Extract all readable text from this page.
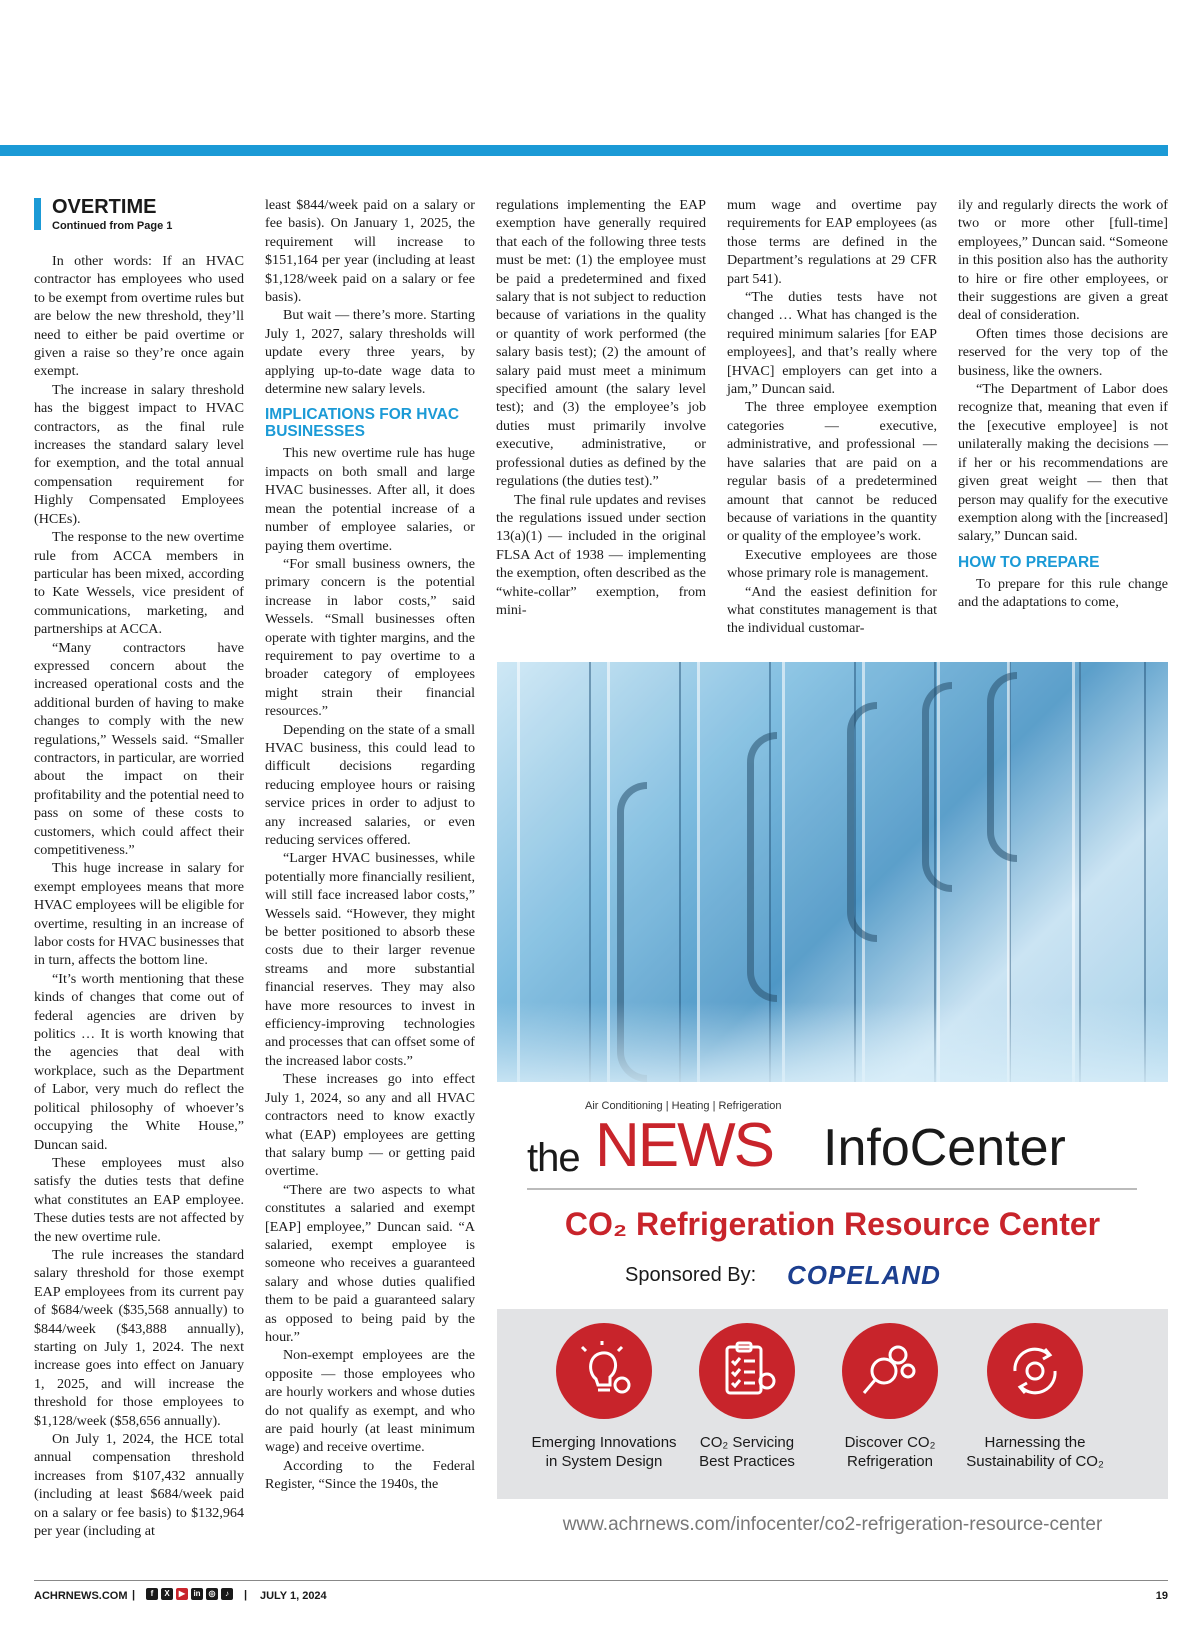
OVERTIME
Continued from Page 1

In other words: If an HVAC contractor has employees who used to be exempt from overtime rules but are below the new threshold, they’ll need to either be paid overtime or given a raise so they’re once again exempt.

The increase in salary threshold has the biggest impact to HVAC contractors, as the final rule increases the standard salary level for exemption, and the total annual compensation requirement for Highly Compensated Employees (HCEs).

The response to the new overtime rule from ACCA members in particular has been mixed, according to Kate Wessels, vice president of communications, marketing, and partnerships at ACCA.

“Many contractors have expressed concern about the increased operational costs and the additional burden of having to make changes to comply with the new regulations,” Wessels said. “Smaller contractors, in particular, are worried about the impact on their profitability and the potential need to pass on some of these costs to customers, which could affect their competitiveness.”

This huge increase in salary for exempt employees means that more HVAC employees will be eligible for overtime, resulting in an increase of labor costs for HVAC businesses that in turn, affects the bottom line.

“It’s worth mentioning that these kinds of changes that come out of federal agencies are driven by politics … It is worth knowing that the agencies that deal with workplace, such as the Department of Labor, very much do reflect the political philosophy of whoever’s occupying the White House,” Duncan said.

These employees must also satisfy the duties tests that define what constitutes an EAP employee. These duties tests are not affected by the new overtime rule.

The rule increases the standard salary threshold for those exempt EAP employees from its current pay of $684/week ($35,568 annually) to $844/week ($43,888 annually), starting on July 1, 2024. The next increase goes into effect on January 1, 2025, and will increase the threshold for those employees to $1,128/week ($58,656 annually).

On July 1, 2024, the HCE total annual compensation threshold increases from $107,432 annually (including at least $684/week paid on a salary or fee basis) to $132,964 per year (including at

least $844/week paid on a salary or fee basis). On January 1, 2025, the requirement will increase to $151,164 per year (including at least $1,128/week paid on a salary or fee basis).

But wait — there’s more. Starting July 1, 2027, salary thresholds will update every three years, by applying up-to-date wage data to determine new salary levels.

IMPLICATIONS FOR HVAC BUSINESSES

This new overtime rule has huge impacts on both small and large HVAC businesses. After all, it does mean the potential increase of a number of employee salaries, or paying them overtime.

“For small business owners, the primary concern is the potential increase in labor costs,” said Wessels. “Small businesses often operate with tighter margins, and the requirement to pay overtime to a broader category of employees might strain their financial resources.”

Depending on the state of a small HVAC business, this could lead to difficult decisions regarding reducing employee hours or raising service prices in order to adjust to any increased salaries, or even reducing services offered.

“Larger HVAC businesses, while potentially more financially resilient, will still face increased labor costs,” Wessels said. “However, they might be better positioned to absorb these costs due to their larger revenue streams and more substantial financial reserves. They may also have more resources to invest in efficiency-improving technologies and processes that can offset some of the increased labor costs.”

These increases go into effect July 1, 2024, so any and all HVAC contractors need to know exactly what (EAP) employees are getting that salary bump — or getting paid overtime.

“There are two aspects to what constitutes a salaried and exempt [EAP] employee,” Duncan said. “A salaried, exempt employee is someone who receives a guaranteed salary and whose duties qualified them to be paid a guaranteed salary as opposed to being paid by the hour.”

Non-exempt employees are the opposite — those employees who are hourly workers and whose duties do not qualify as exempt, and who are paid hourly (at least minimum wage) and receive overtime.

According to the Federal Register, “Since the 1940s, the

regulations implementing the EAP exemption have generally required that each of the following three tests must be met: (1) the employee must be paid a predetermined and fixed salary that is not subject to reduction because of variations in the quality or quantity of work performed (the salary basis test); (2) the amount of salary paid must meet a minimum specified amount (the salary level test); and (3) the employee’s job duties must primarily involve executive, administrative, or professional duties as defined by the regulations (the duties test).”

The final rule updates and revises the regulations issued under section 13(a)(1) — included in the original FLSA Act of 1938 — implementing the exemption, often described as the “white-collar” exemption, from mini-

mum wage and overtime pay requirements for EAP employees (as those terms are defined in the Department’s regulations at 29 CFR part 541).

“The duties tests have not changed … What has changed is the required minimum salaries [for EAP employees], and that’s really where [HVAC] employers can get into a jam,” Duncan said.

The three employee exemption categories — executive, administrative, and professional — have salaries that are paid on a regular basis of a predetermined amount that cannot be reduced because of variations in the quantity or quality of the employee’s work.

Executive employees are those whose primary role is management.

“And the easiest definition for what constitutes management is that the individual customar-

ily and regularly directs the work of two or more other [full-time] employees,” Duncan said. “Someone in this position also has the authority to hire or fire other employees, or their suggestions are given a great deal of consideration.

Often times those decisions are reserved for the very top of the business, like the owners.

“The Department of Labor does recognize that, meaning that even if the [executive employee] is not unilaterally making the decisions — if her or his recommendations are given great weight — then that person may qualify for the executive exemption along with the [increased] salary,” Duncan said.

HOW TO PREPARE

To prepare for this rule change and the adaptations to come,

Air Conditioning | Heating | Refrigeration
the NEWS InfoCenter
CO₂ Refrigeration Resource Center
Sponsored By: COPELAND
Emerging Innovations
in System Design
CO₂ Servicing
Best Practices
Discover CO₂
Refrigeration
Harnessing the
Sustainability of CO₂
www.achrnews.com/infocenter/co2-refrigeration-resource-center
ACHRNEWS.COM |	f	X	▶	in ◎	♪	| JULY 1, 2024	19
